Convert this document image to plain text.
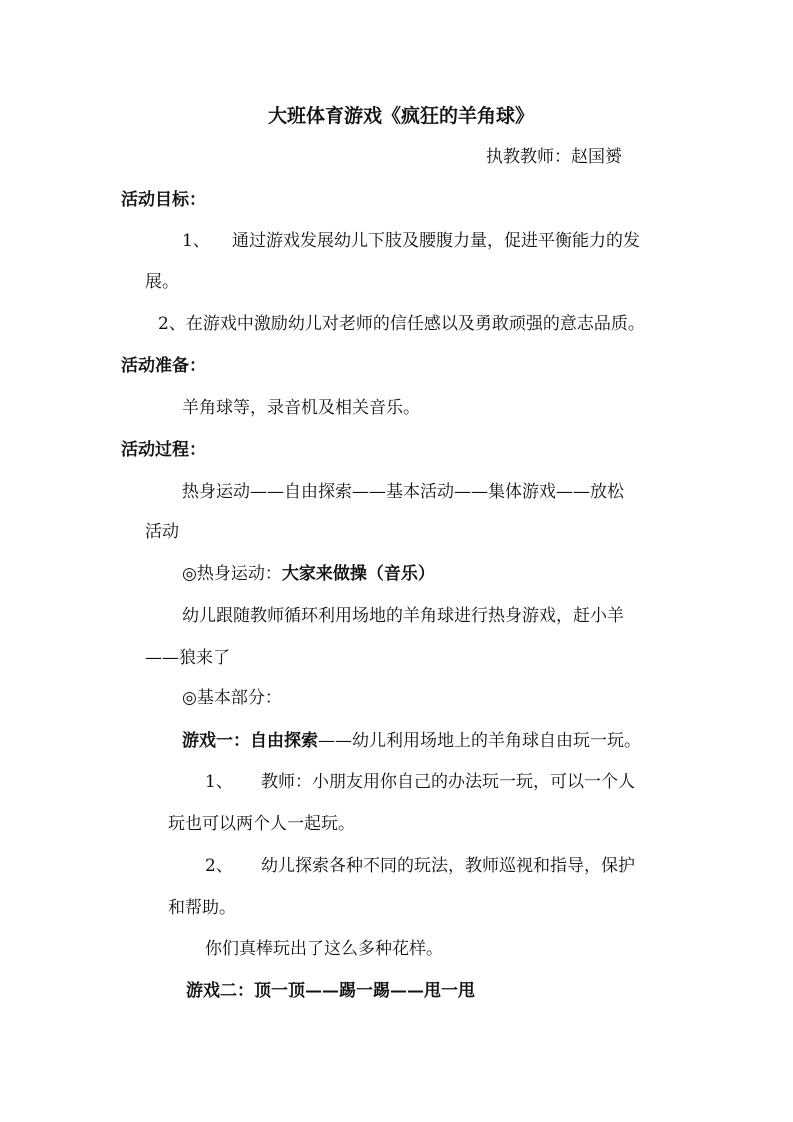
大班体育游戏《疯狂的羊角球》
执教教师：赵国赟
活动目标：
1、 通过游戏发展幼儿下肢及腰腹力量，促进平衡能力的发
展。
2、在游戏中激励幼儿对老师的信任感以及勇敢顽强的意志品质。
活动准备：
羊角球等，录音机及相关音乐。
活动过程：
热身运动——自由探索——基本活动——集体游戏——放松
活动
◎热身运动：大家来做操（音乐）
幼儿跟随教师循环利用场地的羊角球进行热身游戏，赶小羊
——狼来了
◎基本部分：
游戏一：自由探索——幼儿利用场地上的羊角球自由玩一玩。
1、 教师：小朋友用你自己的办法玩一玩，可以一个人
玩也可以两个人一起玩。
2、 幼儿探索各种不同的玩法，教师巡视和指导，保护
和帮助。
你们真棒玩出了这么多种花样。
游戏二：顶一顶——踢一踢——甩一甩
